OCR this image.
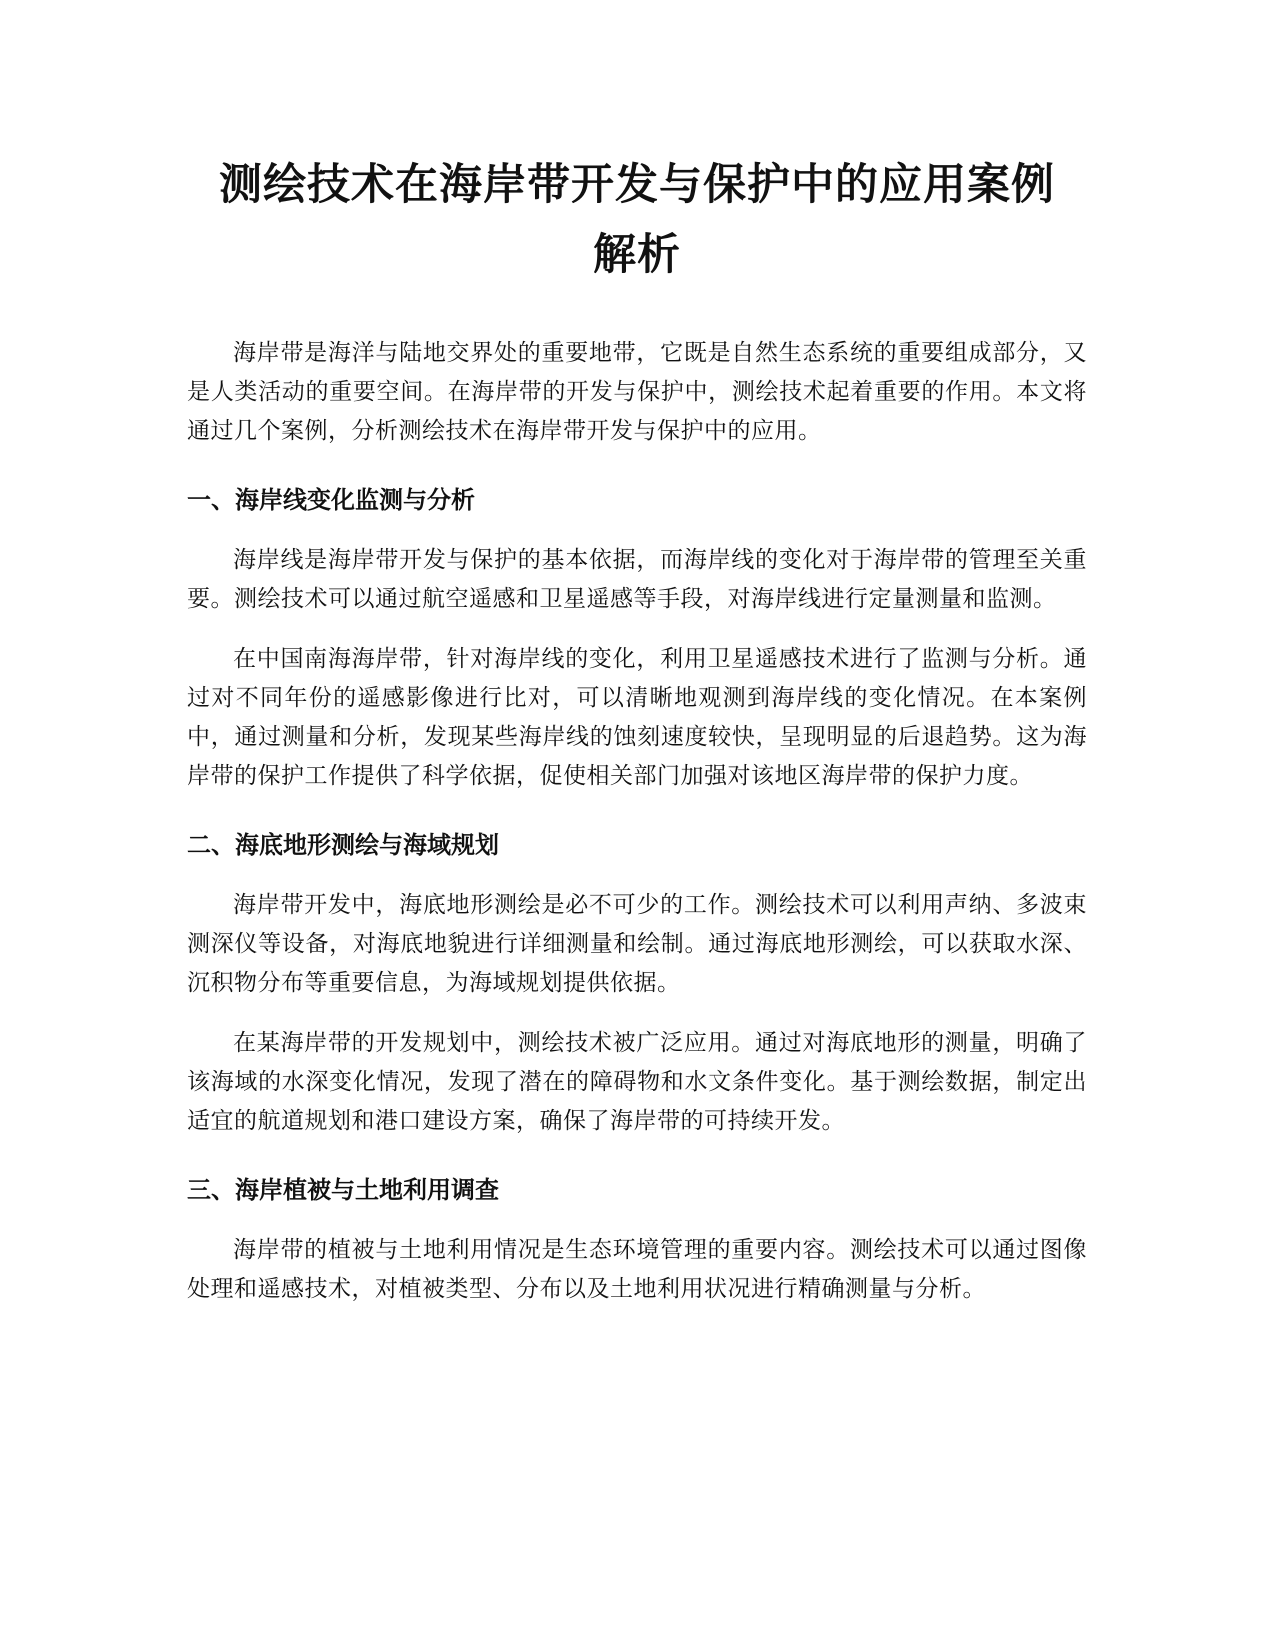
测绘技术在海岸带开发与保护中的应用案例
解析

海岸带是海洋与陆地交界处的重要地带，它既是自然生态系统的重要组成部分，又是人类活动的重要空间。在海岸带的开发与保护中，测绘技术起着重要的作用。本文将通过几个案例，分析测绘技术在海岸带开发与保护中的应用。

一、海岸线变化监测与分析

海岸线是海岸带开发与保护的基本依据，而海岸线的变化对于海岸带的管理至关重要。测绘技术可以通过航空遥感和卫星遥感等手段，对海岸线进行定量测量和监测。

在中国南海海岸带，针对海岸线的变化，利用卫星遥感技术进行了监测与分析。通过对不同年份的遥感影像进行比对，可以清晰地观测到海岸线的变化情况。在本案例中，通过测量和分析，发现某些海岸线的蚀刻速度较快，呈现明显的后退趋势。这为海岸带的保护工作提供了科学依据，促使相关部门加强对该地区海岸带的保护力度。

二、海底地形测绘与海域规划

海岸带开发中，海底地形测绘是必不可少的工作。测绘技术可以利用声纳、多波束测深仪等设备，对海底地貌进行详细测量和绘制。通过海底地形测绘，可以获取水深、沉积物分布等重要信息，为海域规划提供依据。

在某海岸带的开发规划中，测绘技术被广泛应用。通过对海底地形的测量，明确了该海域的水深变化情况，发现了潜在的障碍物和水文条件变化。基于测绘数据，制定出适宜的航道规划和港口建设方案，确保了海岸带的可持续开发。

三、海岸植被与土地利用调查

海岸带的植被与土地利用情况是生态环境管理的重要内容。测绘技术可以通过图像处理和遥感技术，对植被类型、分布以及土地利用状况进行精确测量与分析。
